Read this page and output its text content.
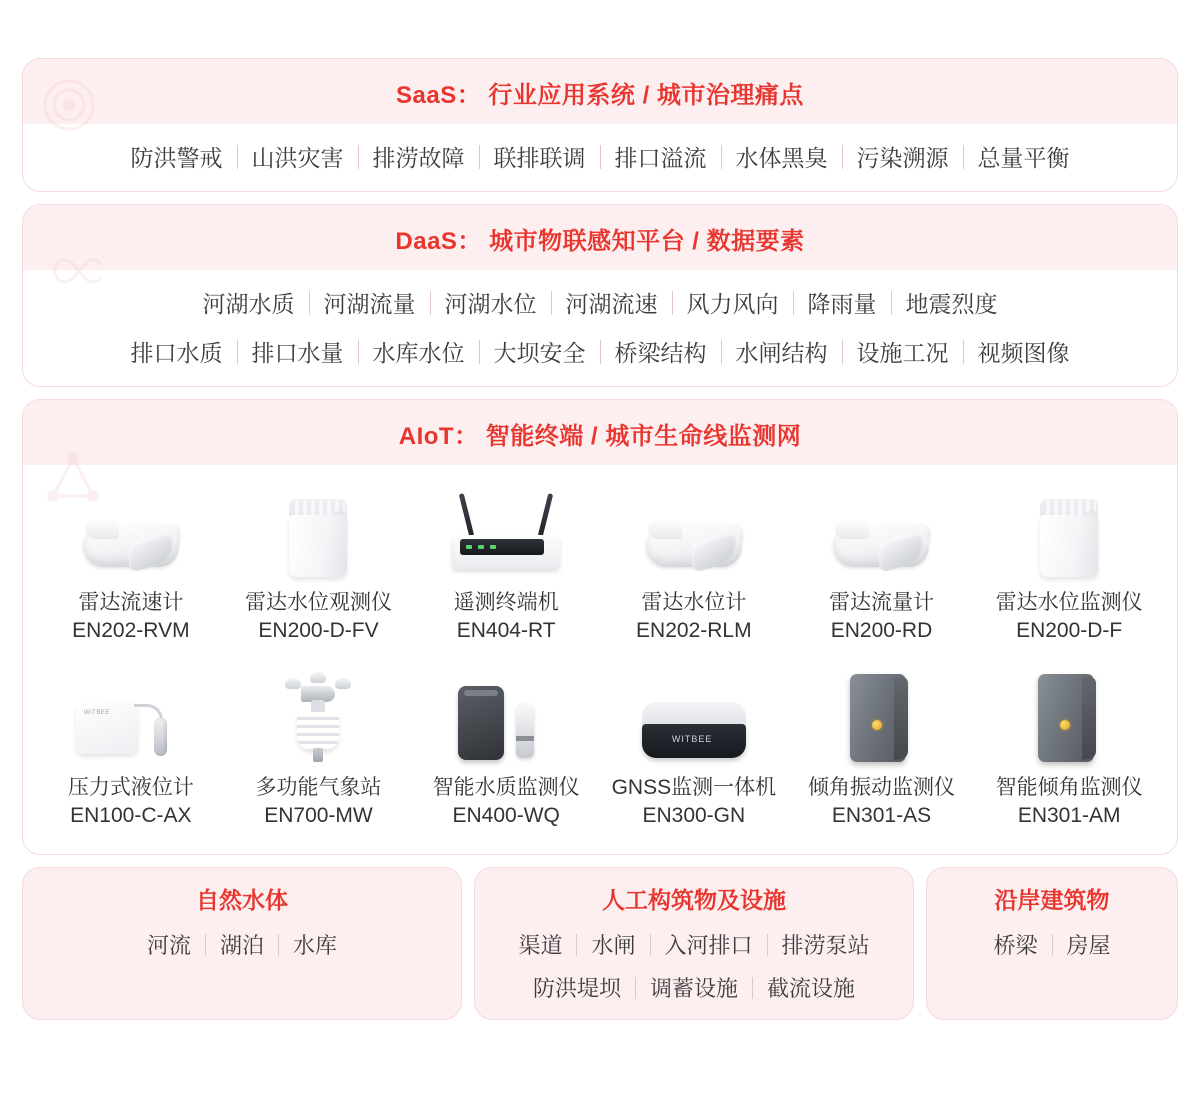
SaaS： 行业应用系统 / 城市治理痛点
防洪警戒	山洪灾害	排涝故障	联排联调	排口溢流	水体黑臭	污染溯源	总量平衡
DaaS： 城市物联感知平台 / 数据要素
河湖水质	河湖流量	河湖水位	河湖流速	风力风向	降雨量	地震烈度
排口水质	排口水量	水库水位	大坝安全	桥梁结构	水闸结构	设施工况	视频图像
AIoT： 智能终端 / 城市生命线监测网
雷达流速计
EN202-RVM
雷达水位观测仪
EN200-D-FV
遥测终端机
EN404-RT
雷达水位计
EN202-RLM
雷达流量计
EN200-RD
雷达水位监测仪
EN200-D-F
WITBEE
压力式液位计
EN100-C-AX
多功能气象站
EN700-MW
智能水质监测仪
EN400-WQ
WITBEE
GNSS监测一体机
EN300-GN
倾角振动监测仪
EN301-AS
智能倾角监测仪
EN301-AM
自然水体
河流	湖泊	水库
人工构筑物及设施
渠道	水闸	入河排口	排涝泵站
防洪堤坝	调蓄设施	截流设施
沿岸建筑物
桥梁	房屋
